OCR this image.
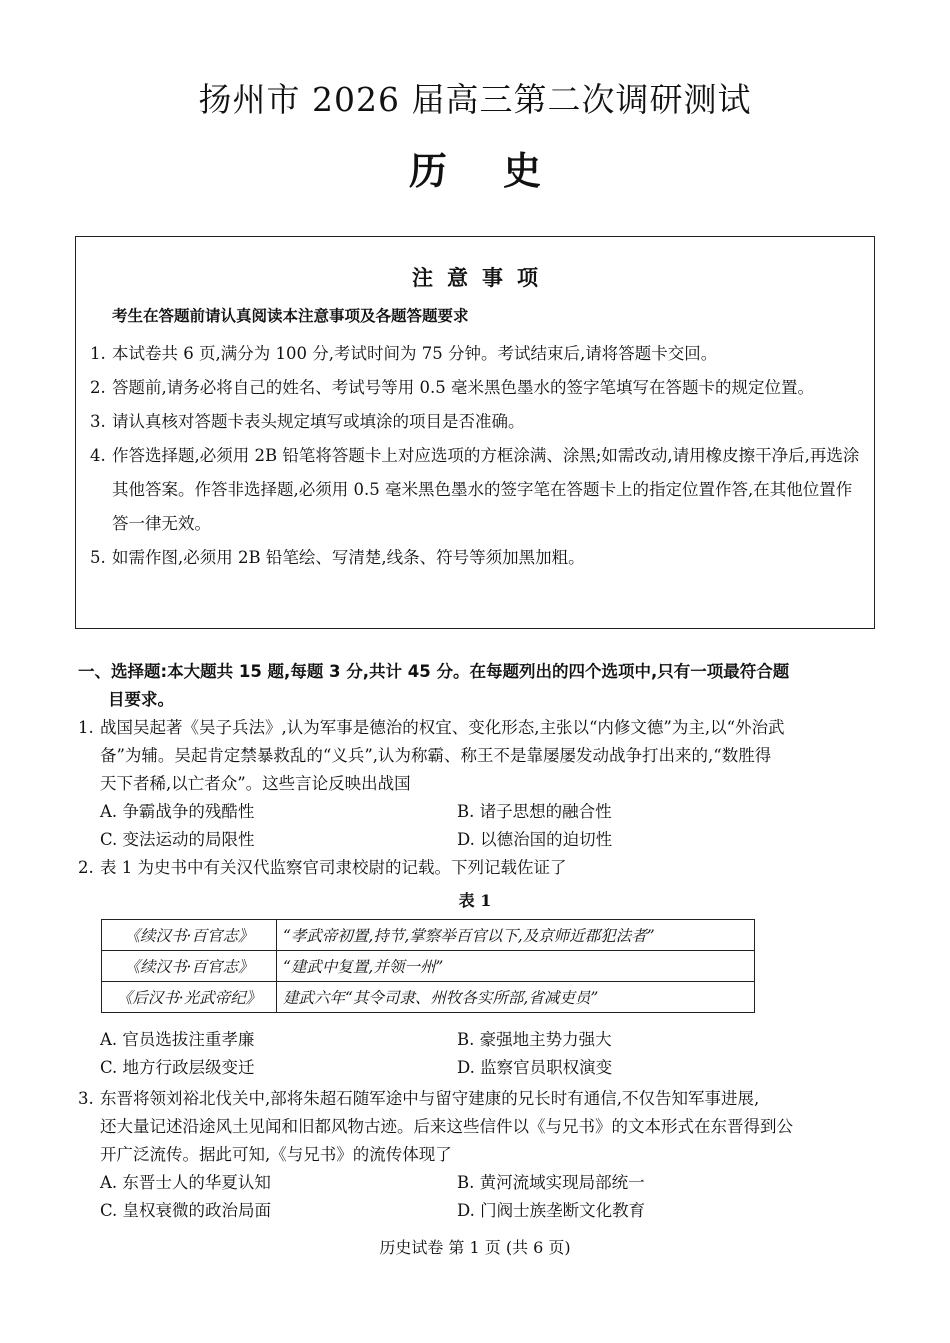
扬州市 2026 届高三第二次调研测试
历史
注意事项
考生在答题前请认真阅读本注意事项及各题答题要求
1. 本试卷共 6 页,满分为 100 分,考试时间为 75 分钟。考试结束后,请将答题卡交回。
2. 答题前,请务必将自己的姓名、考试号等用 0.5 毫米黑色墨水的签字笔填写在答题卡的规定位置。
3. 请认真核对答题卡表头规定填写或填涂的项目是否准确。
4. 作答选择题,必须用 2B 铅笔将答题卡上对应选项的方框涂满、涂黑;如需改动,请用橡皮擦干净后,再选涂其他答案。作答非选择题,必须用 0.5 毫米黑色墨水的签字笔在答题卡上的指定位置作答,在其他位置作答一律无效。
5. 如需作图,必须用 2B 铅笔绘、写清楚,线条、符号等须加黑加粗。
一、选择题:本大题共 15 题,每题 3 分,共计 45 分。在每题列出的四个选项中,只有一项最符合题
目要求。
1. 战国吴起著《吴子兵法》,认为军事是德治的权宜、变化形态,主张以“内修文德”为主,以“外治武
备”为辅。吴起肯定禁暴救乱的“义兵”,认为称霸、称王不是靠屡屡发动战争打出来的,“数胜得
天下者稀,以亡者众”。这些言论反映出战国
A. 争霸战争的残酷性	B. 诸子思想的融合性
C. 变法运动的局限性	D. 以德治国的迫切性
2. 表 1 为史书中有关汉代监察官司隶校尉的记载。下列记载佐证了
表 1
《续汉书·百官志》	“孝武帝初置,持节,掌察举百官以下,及京师近郡犯法者”
《续汉书·百官志》	“建武中复置,并领一州”
《后汉书·光武帝纪》	建武六年“其令司隶、州牧各实所部,省减吏员”
A. 官员选拔注重孝廉	B. 豪强地主势力强大
C. 地方行政层级变迁	D. 监察官员职权演变
3. 东晋将领刘裕北伐关中,部将朱超石随军途中与留守建康的兄长时有通信,不仅告知军事进展,
还大量记述沿途风土见闻和旧都风物古迹。后来这些信件以《与兄书》的文本形式在东晋得到公
开广泛流传。据此可知,《与兄书》的流传体现了
A. 东晋士人的华夏认知	B. 黄河流域实现局部统一
C. 皇权衰微的政治局面	D. 门阀士族垄断文化教育
历史试卷 第 1 页 (共 6 页)
